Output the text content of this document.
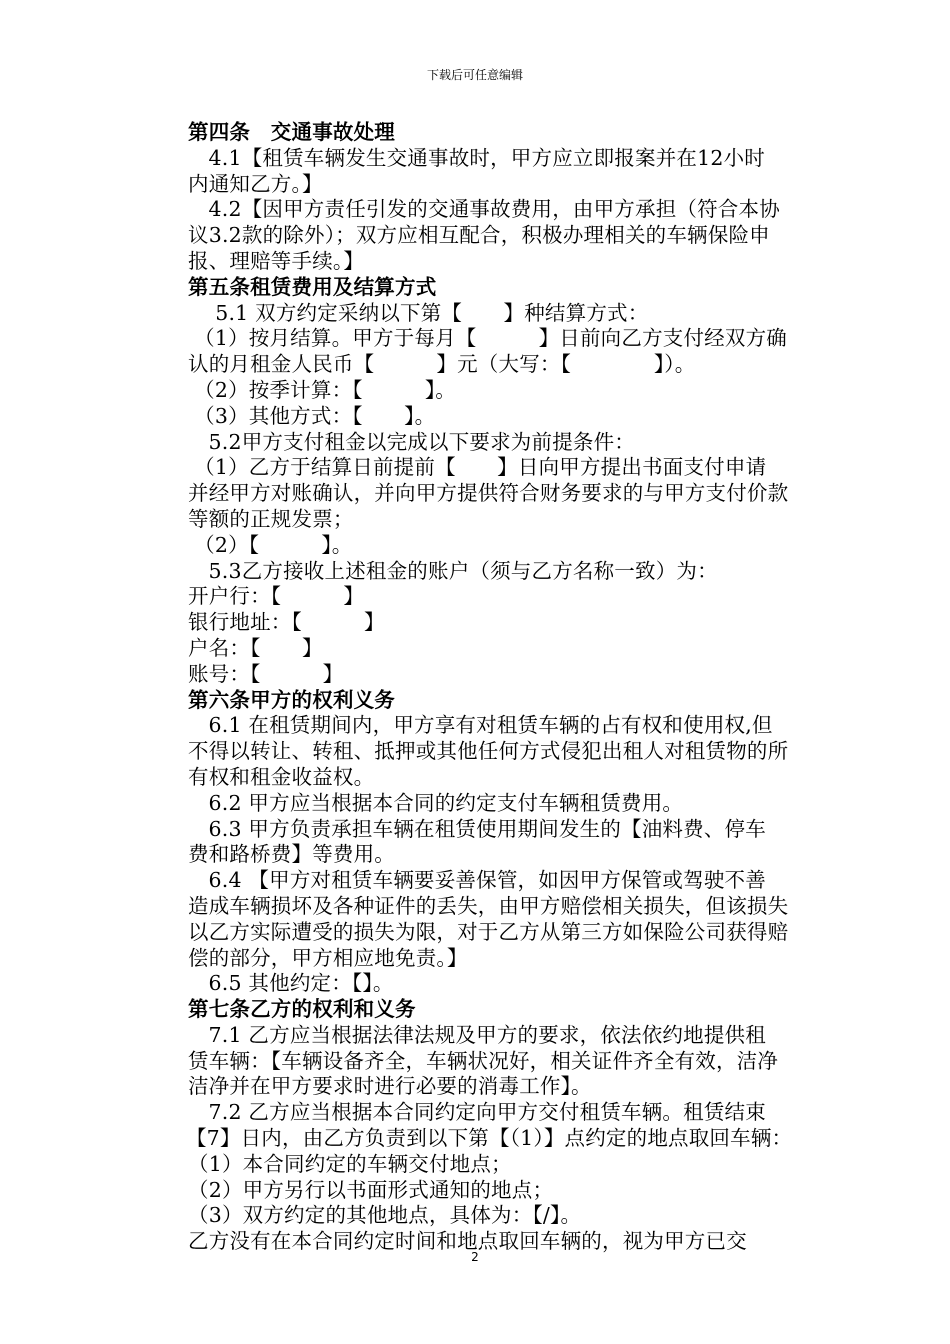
下载后可任意编辑
第四条　交通事故处理
4.1【租赁车辆发生交通事故时，甲方应立即报案并在12小时
内通知乙方。】
4.2【因甲方责任引发的交通事故费用，由甲方承担（符合本协
议3.2款的除外）；双方应相互配合，积极办理相关的车辆保险申
报、理赔等手续。】
第五条租赁费用及结算方式
5.1 双方约定采纳以下第【　　】种结算方式：
（1）按月结算。甲方于每月【　　　】日前向乙方支付经双方确
认的月租金人民币【　　　】元（大写：【　　　　】）。
（2）按季计算：【　　　】。
（3）其他方式：【　　】。
5.2甲方支付租金以完成以下要求为前提条件：
（1）乙方于结算日前提前【　　】日向甲方提出书面支付申请
并经甲方对账确认，并向甲方提供符合财务要求的与甲方支付价款
等额的正规发票；
（2）【　　　】。
5.3乙方接收上述租金的账户（须与乙方名称一致）为：
开户行：【　　　】
银行地址：【　　　】
户名：【　　】
账号：【　　　】
第六条甲方的权利义务
6.1 在租赁期间内，甲方享有对租赁车辆的占有权和使用权,但
不得以转让、转租、抵押或其他任何方式侵犯出租人对租赁物的所
有权和租金收益权。
6.2 甲方应当根据本合同的约定支付车辆租赁费用。
6.3 甲方负责承担车辆在租赁使用期间发生的【油料费、停车
费和路桥费】等费用。
6.4 【甲方对租赁车辆要妥善保管，如因甲方保管或驾驶不善
造成车辆损坏及各种证件的丢失，由甲方赔偿相关损失，但该损失
以乙方实际遭受的损失为限，对于乙方从第三方如保险公司获得赔
偿的部分，甲方相应地免责。】
6.5 其他约定：【】。
第七条乙方的权利和义务
7.1 乙方应当根据法律法规及甲方的要求，依法依约地提供租
赁车辆：【车辆设备齐全，车辆状况好，相关证件齐全有效，洁净
洁净并在甲方要求时进行必要的消毒工作】。
7.2 乙方应当根据本合同约定向甲方交付租赁车辆。租赁结束
【7】日内，由乙方负责到以下第【（1）】点约定的地点取回车辆：
（1）本合同约定的车辆交付地点；
（2）甲方另行以书面形式通知的地点；
（3）双方约定的其他地点，具体为：【/】。
乙方没有在本合同约定时间和地点取回车辆的，视为甲方已交
2
